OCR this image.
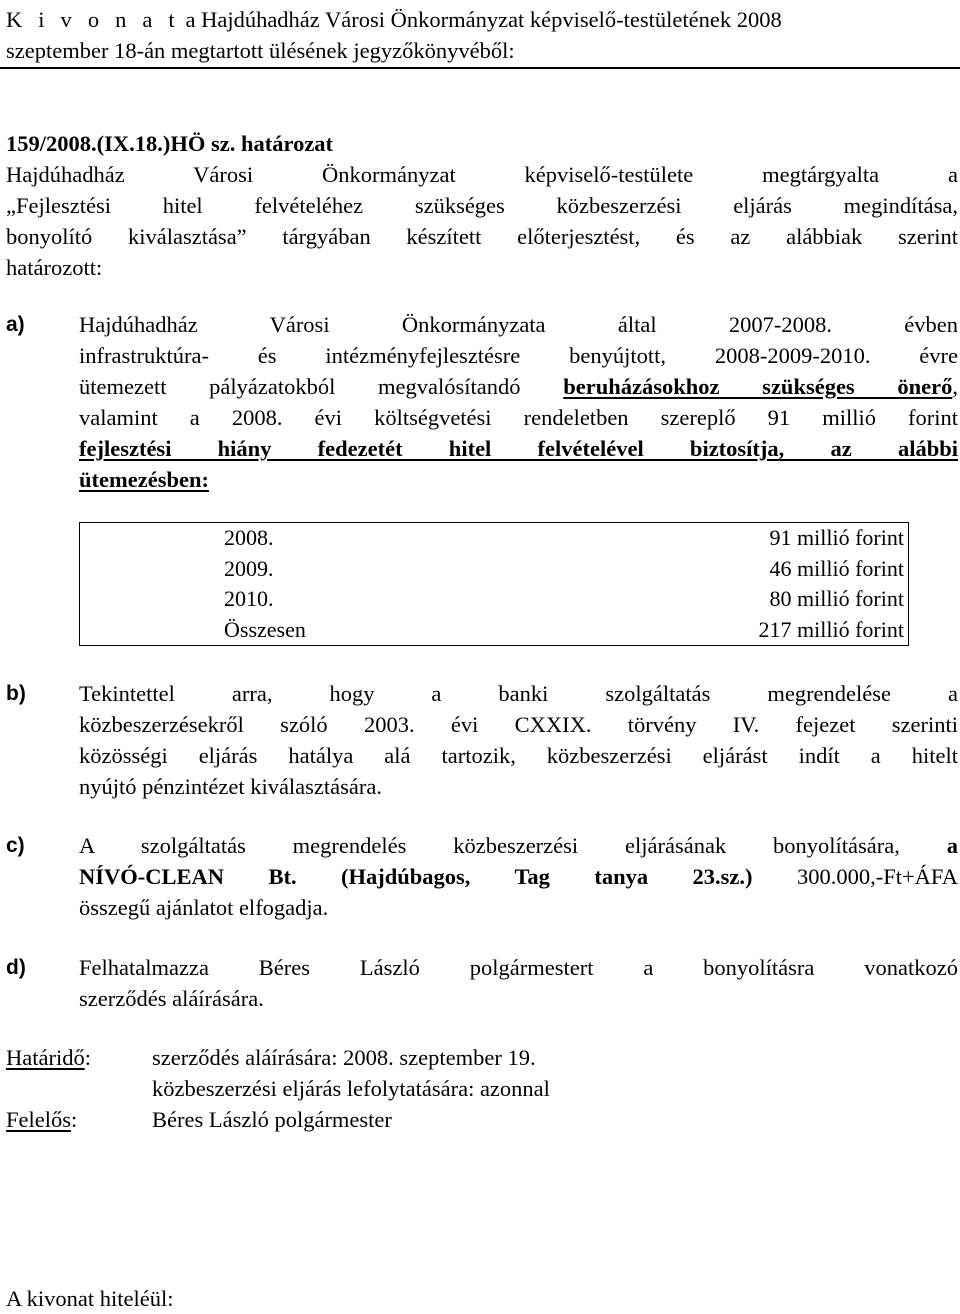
K i v o n a t a Hajdúhadház Városi Önkormányzat képviselő-testületének 2008
szeptember 18-án megtartott ülésének jegyzőkönyvéből:
159/2008.(IX.18.)HÖ sz. határozat
Hajdúhadház Városi Önkormányzat képviselő-testülete megtárgyalta a
„Fejlesztési hitel felvételéhez szükséges közbeszerzési eljárás megindítása,
bonyolító kiválasztása” tárgyában készített előterjesztést, és az alábbiak szerint
határozott:
a) Hajdúhadház Városi Önkormányzata által 2007-2008. évben
infrastruktúra- és intézményfejlesztésre benyújtott, 2008-2009-2010. évre
ütemezett pályázatokból megvalósítandó beruházásokhoz szükséges önerő,
valamint a 2008. évi költségvetési rendeletben szereplő 91 millió forint
fejlesztési hiány fedezetét hitel felvételével biztosítja, az alábbi
ütemezésben:
2008.	91 millió forint
2009.	46 millió forint
2010.	80 millió forint
Összesen	217 millió forint
b) Tekintettel arra, hogy a banki szolgáltatás megrendelése a
közbeszerzésekről szóló 2003. évi CXXIX. törvény IV. fejezet szerinti
közösségi eljárás hatálya alá tartozik, közbeszerzési eljárást indít a hitelt
nyújtó pénzintézet kiválasztására.
c) A szolgáltatás megrendelés közbeszerzési eljárásának bonyolítására, a
NÍVÓ-CLEAN Bt. (Hajdúbagos, Tag tanya 23.sz.) 300.000,-Ft+ÁFA
összegű ajánlatot elfogadja.
d) Felhatalmazza Béres László polgármestert a bonyolításra vonatkozó
szerződés aláírására.
Határidő:	szerződés aláírására: 2008. szeptember 19.
közbeszerzési eljárás lefolytatására: azonnal
Felelős:	Béres László polgármester
A kivonat hiteléül:
